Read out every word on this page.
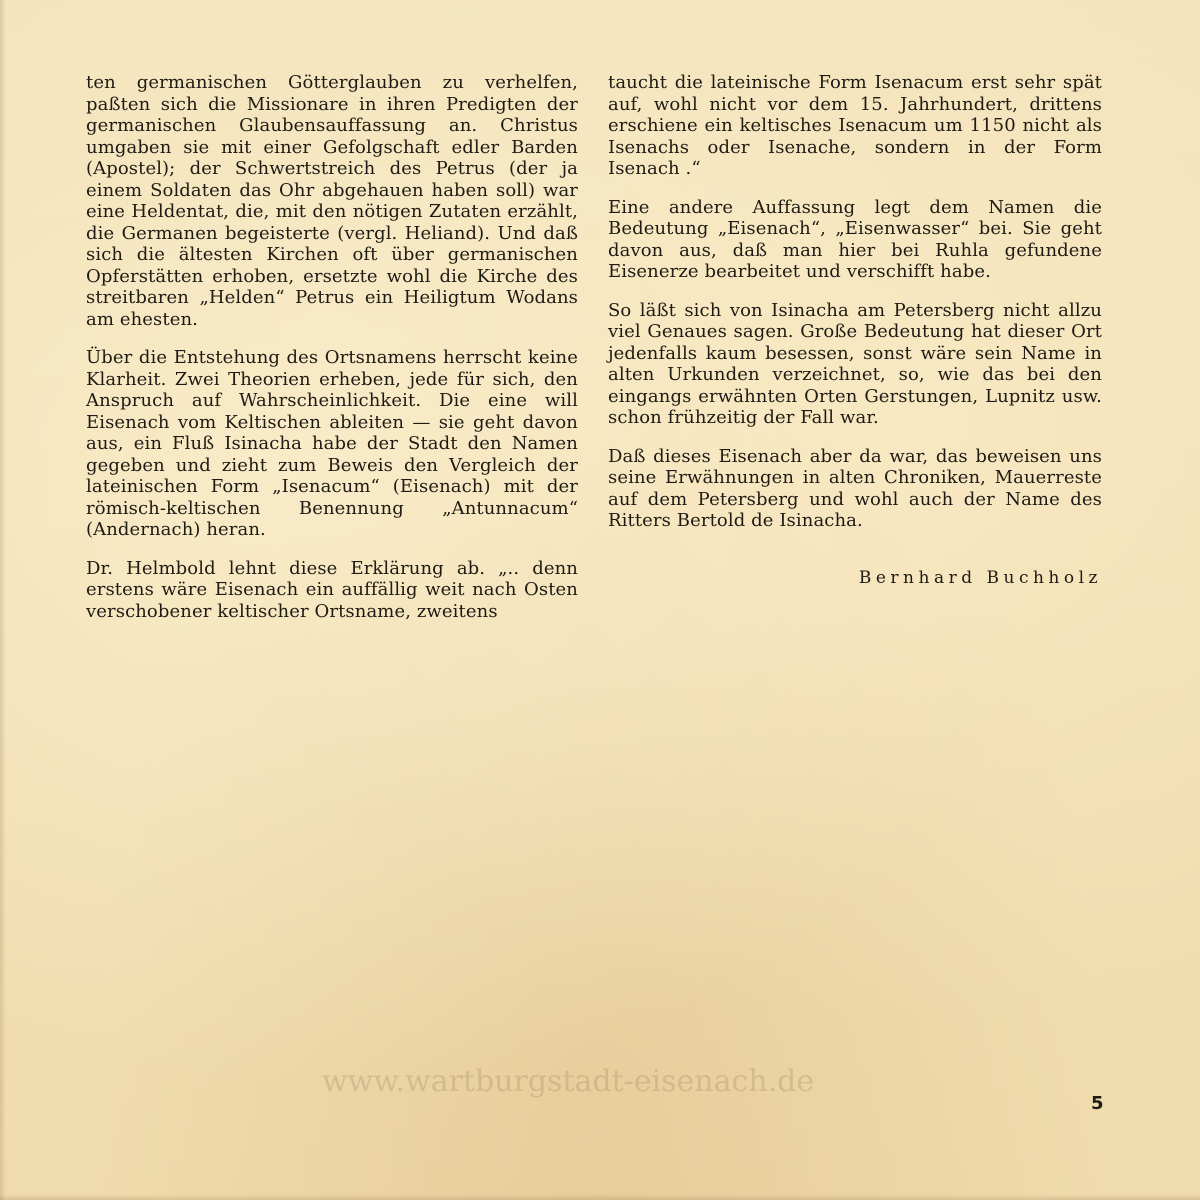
ten germanischen Götterglauben zu verhelfen, paßten sich die Missionare in ihren Predigten der germanischen Glaubensauffassung an. Christus umgaben sie mit einer Gefolgschaft edler Barden (Apostel); der Schwertstreich des Petrus (der ja einem Soldaten das Ohr abgehauen haben soll) war eine Heldentat, die, mit den nötigen Zutaten erzählt, die Germanen begeisterte (vergl. Heliand). Und daß sich die ältesten Kirchen oft über germanischen Opferstätten erhoben, ersetzte wohl die Kirche des streitbaren „Helden“ Petrus ein Heiligtum Wodans am ehesten.

Über die Entstehung des Ortsnamens herrscht keine Klarheit. Zwei Theorien erheben, jede für sich, den Anspruch auf Wahrscheinlichkeit. Die eine will Eisenach vom Keltischen ableiten — sie geht davon aus, ein Fluß Isinacha habe der Stadt den Namen gegeben und zieht zum Beweis den Vergleich der lateinischen Form „Isenacum“ (Eisenach) mit der römisch-keltischen Benennung „Antunnacum“ (Andernach) heran.

Dr. Helmbold lehnt diese Erklärung ab. „.. denn erstens wäre Eisenach ein auffällig weit nach Osten verschobener keltischer Ortsname, zweitens

taucht die lateinische Form Isenacum erst sehr spät auf, wohl nicht vor dem 15. Jahrhundert, drittens erschiene ein keltisches Isenacum um 1150 nicht als Isenachs oder Isenache, sondern in der Form Isenach .“

Eine andere Auffassung legt dem Namen die Bedeutung „Eisenach“, „Eisenwasser“ bei. Sie geht davon aus, daß man hier bei Ruhla gefundene Eisenerze bearbeitet und verschifft habe.

So läßt sich von Isinacha am Petersberg nicht allzu viel Genaues sagen. Große Bedeutung hat dieser Ort jedenfalls kaum besessen, sonst wäre sein Name in alten Urkunden verzeichnet, so, wie das bei den eingangs erwähnten Orten Gerstungen, Lupnitz usw. schon frühzeitig der Fall war.

Daß dieses Eisenach aber da war, das beweisen uns seine Erwähnungen in alten Chroniken, Mauerreste auf dem Petersberg und wohl auch der Name des Ritters Bertold de Isinacha.

Bernhard Buchholz
www.wartburgstadt-eisenach.de
5
